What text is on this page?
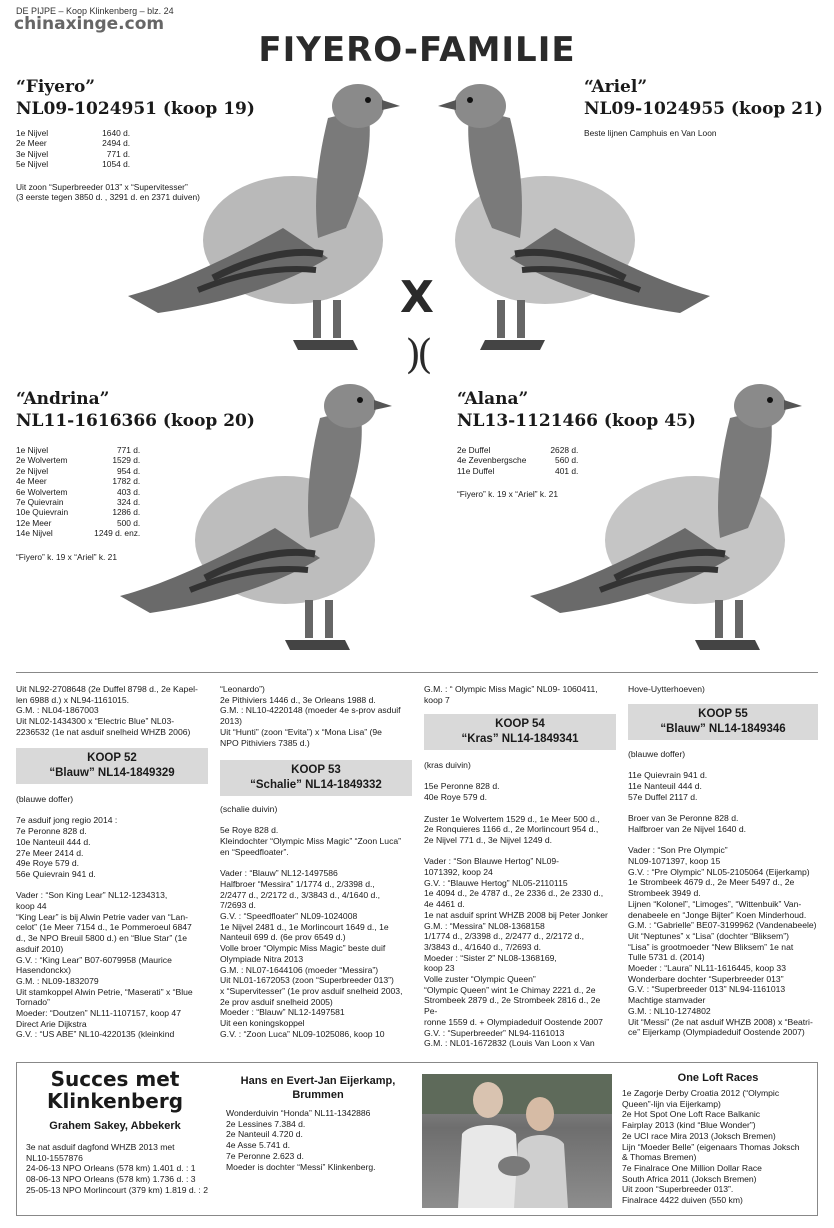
DE PIJPE – Koop Klinkenberg – blz. 24
chinaxinge.com
FIYERO-FAMILIE
“Fiyero”
NL09-1024951 (koop 19)
1e Nijvel	1640 d.
2e Meer	2494 d.
3e Nijvel	771 d.
5e Nijvel	1054 d.
Uit zoon “Superbreeder 013” x “Supervitesser”
(3 eerste tegen 3850 d. , 3291 d. en 2371 duiven)
“Ariel”
NL09-1024955 (koop 21)
Beste lijnen Camphuis en Van Loon
X
)(
“Andrina”
NL11-1616366 (koop 20)
1e Nijvel	771 d.
2e Wolvertem	1529 d.
2e Nijvel	954 d.
4e Meer	1782 d.
6e Wolvertem	403 d.
7e Quievrain	324 d.
10e Quievrain	1286 d.
12e Meer	500 d.
14e Nijvel	1249 d. enz.
“Fiyero” k. 19 x “Ariel” k. 21
“Alana”
NL13-1121466 (koop 45)
2e Duffel	2628 d.
4e Zevenbergsche	560 d.
11e Duffel	401 d.
“Fiyero” k. 19 x “Ariel” k. 21
Uit NL92-2708648 (2e Duffel 8798 d., 2e Kapel-
len 6988 d.) x NL94-1161015.
G.M. : NL04-1867003
Uit NL02-1434300 x “Electric Blue” NL03-
2236532 (1e nat asduif snelheid WHZB 2006)
KOOP 52
“Blauw” NL14-1849329
(blauwe doffer)

7e asduif jong regio 2014 :
7e Peronne 828 d.
10e Nanteuil 444 d.
27e Meer 2414 d.
49e Roye 579 d.
56e Quievrain 941 d.

Vader : “Son King Lear” NL12-1234313,
koop 44
“King Lear” is bij Alwin Petrie vader van “Lan-
celot” (1e Meer 7154 d., 1e Pommeroeul 6847
d., 3e NPO Breuil 5800 d.) en “Blue Star” (1e
asduif 2010)
G.V. : “King Lear” B07-6079958 (Maurice
Hasendonckx)
G.M. : NL09-1832079
Uit stamkoppel Alwin Petrie, “Maserati” x “Blue
Tornado”
Moeder: “Doutzen” NL11-1107157, koop 47
Direct Arie Dijkstra
G.V. : “US ABE” NL10-4220135 (kleinkind
“Leonardo”)
2e Pithiviers 1446 d., 3e Orleans 1988 d.
G.M. : NL10-4220148 (moeder 4e s-prov asduif
2013)
Uit “Hunti” (zoon “Evita”) x “Mona Lisa” (9e
NPO Pithiviers 7385 d.)
KOOP 53
“Schalie” NL14-1849332
(schalie duivin)

5e Roye 828 d.
Kleindochter “Olympic Miss Magic” “Zoon Luca”
en “Speedfloater”.

Vader : “Blauw” NL12-1497586
Halfbroer “Messira” 1/1774 d., 2/3398 d.,
2/2477 d., 2/2172 d., 3/3843 d., 4/1640 d.,
7/2693 d.
G.V. : “Speedfloater” NL09-1024008
1e Nijvel 2481 d., 1e Morlincourt 1649 d., 1e
Nanteuil 699 d. (6e prov 6549 d.)
Volle broer “Olympic Miss Magic” beste duif
Olympiade Nitra 2013
G.M. : NL07-1644106 (moeder “Messira”)
Uit NL01-1672053 (zoon “Superbreeder 013”)
x “Supervitesser” (1e prov asduif snelheid 2003,
2e prov asduif snelheid 2005)
Moeder : “Blauw” NL12-1497581
Uit een koningskoppel
G.V. : “Zoon Luca” NL09-1025086, koop 10
G.M. : “ Olympic Miss Magic” NL09- 1060411,
koop 7
KOOP 54
“Kras” NL14-1849341
(kras duivin)

15e Peronne 828 d.
40e Roye 579 d.

Zuster 1e Wolvertem 1529 d., 1e Meer 500 d.,
2e Ronquieres 1166 d., 2e Morlincourt 954 d.,
2e Nijvel 771 d., 3e Nijvel 1249 d.

Vader : “Son Blauwe Hertog” NL09-
1071392, koop 24
G.V. : “Blauwe Hertog” NL05-2110115
1e 4094 d., 2e 4787 d., 2e 2336 d., 2e 2330 d.,
4e 4461 d.
1e nat asduif sprint WHZB 2008 bij Peter Jonker
G.M. : “Messira” NL08-1368158
1/1774 d., 2/3398 d., 2/2477 d., 2/2172 d.,
3/3843 d., 4/1640 d., 7/2693 d.
Moeder : “Sister 2” NL08-1368169,
koop 23
Volle zuster “Olympic Queen”
“Olympic Queen” wint 1e Chimay 2221 d., 2e
Strombeek 2879 d., 2e Strombeek 2816 d., 2e Pe-
ronne 1559 d. + Olympiadeduif Oostende 2007
G.V. : “Superbreeder” NL94-1161013
G.M. : NL01-1672832 (Louis Van Loon x Van
Hove-Uytterhoeven)
KOOP 55
“Blauw” NL14-1849346
(blauwe doffer)

11e Quievrain 941 d.
11e Nanteuil 444 d.
57e Duffel 2117 d.

Broer van 3e Peronne 828 d.
Halfbroer van 2e Nijvel 1640 d.

Vader : “Son Pre Olympic”
NL09-1071397, koop 15
G.V. : “Pre Olympic” NL05-2105064 (Eijerkamp)
1e Strombeek 4679 d., 2e Meer 5497 d., 2e
Strombeek 3949 d.
Lijnen “Kolonel”, “Limoges”, “Wittenbuik” Van-
denabeele en “Jonge Bijter” Koen Minderhoud.
G.M. : “Gabrielle” BE07-3199962 (Vandenabeele)
Uit “Neptunes” x “Lisa” (dochter “Bliksem”)
“Lisa” is grootmoeder “New Bliksem” 1e nat
Tulle 5731 d. (2014)
Moeder : “Laura” NL11-1616445, koop 33
Wonderbare dochter “Superbreeder 013”
G.V. : “Superbreeder 013” NL94-1161013
Machtige stamvader
G.M. : NL10-1274802
Uit “Messi” (2e nat asduif WHZB 2008) x “Beatri-
ce” Eijerkamp (Olympiadeduif Oostende 2007)
Succes met
Klinkenberg
Grahem Sakey, Abbekerk
3e nat asduif dagfond WHZB 2013 met
NL10-1557876
24-06-13 NPO Orleans (578 km) 1.401 d. : 1
08-06-13 NPO Orleans (578 km) 1.736 d. : 3
25-05-13 NPO Morlincourt (379 km) 1.819 d. : 2
Hans en Evert-Jan Eijerkamp,
Brummen
Wonderduivin “Honda” NL11-1342886
2e Lessines 7.384 d.
2e Nanteuil 4.720 d.
4e Asse 5.741 d.
7e Peronne 2.623 d.
Moeder is dochter “Messi” Klinkenberg.
One Loft Races
1e Zagorje Derby Croatia 2012 (“Olympic
Queen”-lijn via Eijerkamp)
2e Hot Spot One Loft Race Balkanic
Fairplay 2013 (kind “Blue Wonder”)
2e UCI race Mira 2013 (Joksch Bremen)
Lijn “Moeder Belle” (eigenaars Thomas Joksch
& Thomas Bremen)
7e Finalrace One Million Dollar Race
South Africa 2011 (Joksch Bremen)
Uit zoon “Superbreeder 013”.
Finalrace 4422 duiven (550 km)
